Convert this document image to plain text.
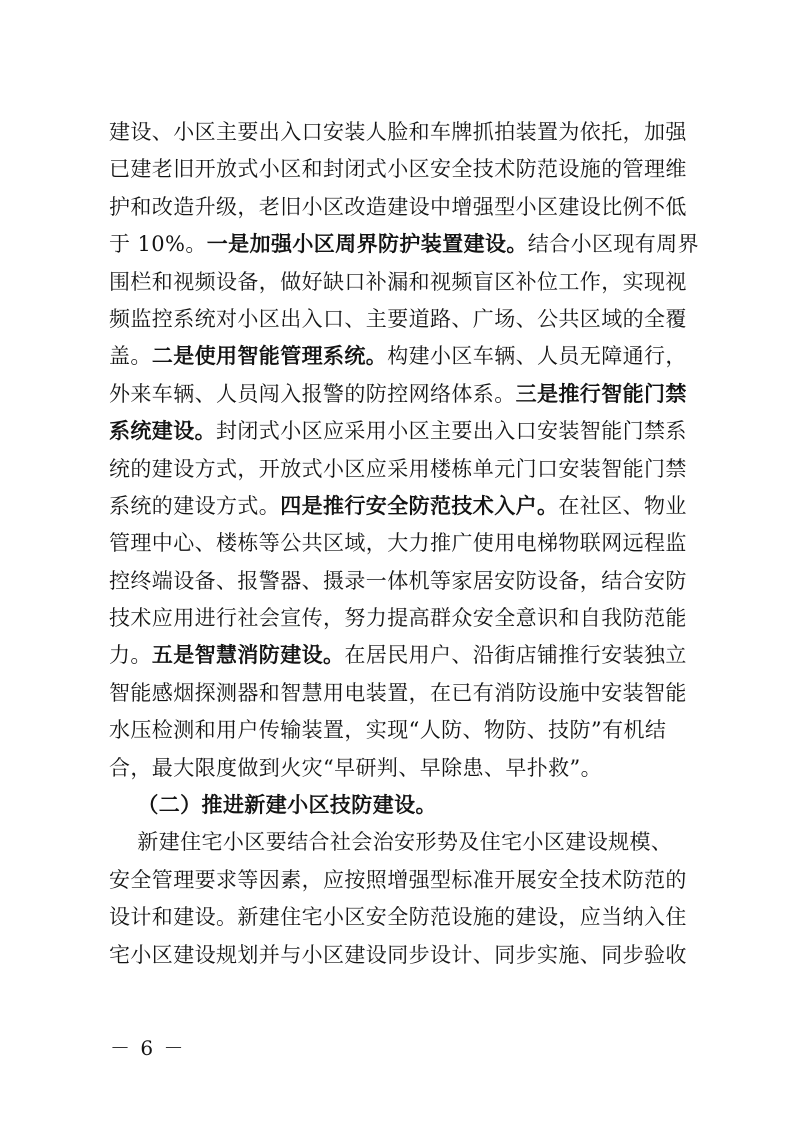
建设、小区主要出入口安装人脸和车牌抓拍装置为依托，加强
已建老旧开放式小区和封闭式小区安全技术防范设施的管理维
护和改造升级，老旧小区改造建设中增强型小区建设比例不低
于 10%。一是加强小区周界防护装置建设。结合小区现有周界
围栏和视频设备，做好缺口补漏和视频盲区补位工作，实现视
频监控系统对小区出入口、主要道路、广场、公共区域的全覆
盖。二是使用智能管理系统。构建小区车辆、人员无障通行，
外来车辆、人员闯入报警的防控网络体系。三是推行智能门禁
系统建设。封闭式小区应采用小区主要出入口安装智能门禁系
统的建设方式，开放式小区应采用楼栋单元门口安装智能门禁
系统的建设方式。四是推行安全防范技术入户。在社区、物业
管理中心、楼栋等公共区域，大力推广使用电梯物联网远程监
控终端设备、报警器、摄录一体机等家居安防设备，结合安防
技术应用进行社会宣传，努力提高群众安全意识和自我防范能
力。五是智慧消防建设。在居民用户、沿街店铺推行安装独立
智能感烟探测器和智慧用电装置，在已有消防设施中安装智能
水压检测和用户传输装置，实现“人防、物防、技防”有机结
合，最大限度做到火灾“早研判、早除患、早扑救”。
（二）推进新建小区技防建设。
新建住宅小区要结合社会治安形势及住宅小区建设规模、
安全管理要求等因素，应按照增强型标准开展安全技术防范的
设计和建设。新建住宅小区安全防范设施的建设，应当纳入住
宅小区建设规划并与小区建设同步设计、同步实施、同步验收
－ 6 －
